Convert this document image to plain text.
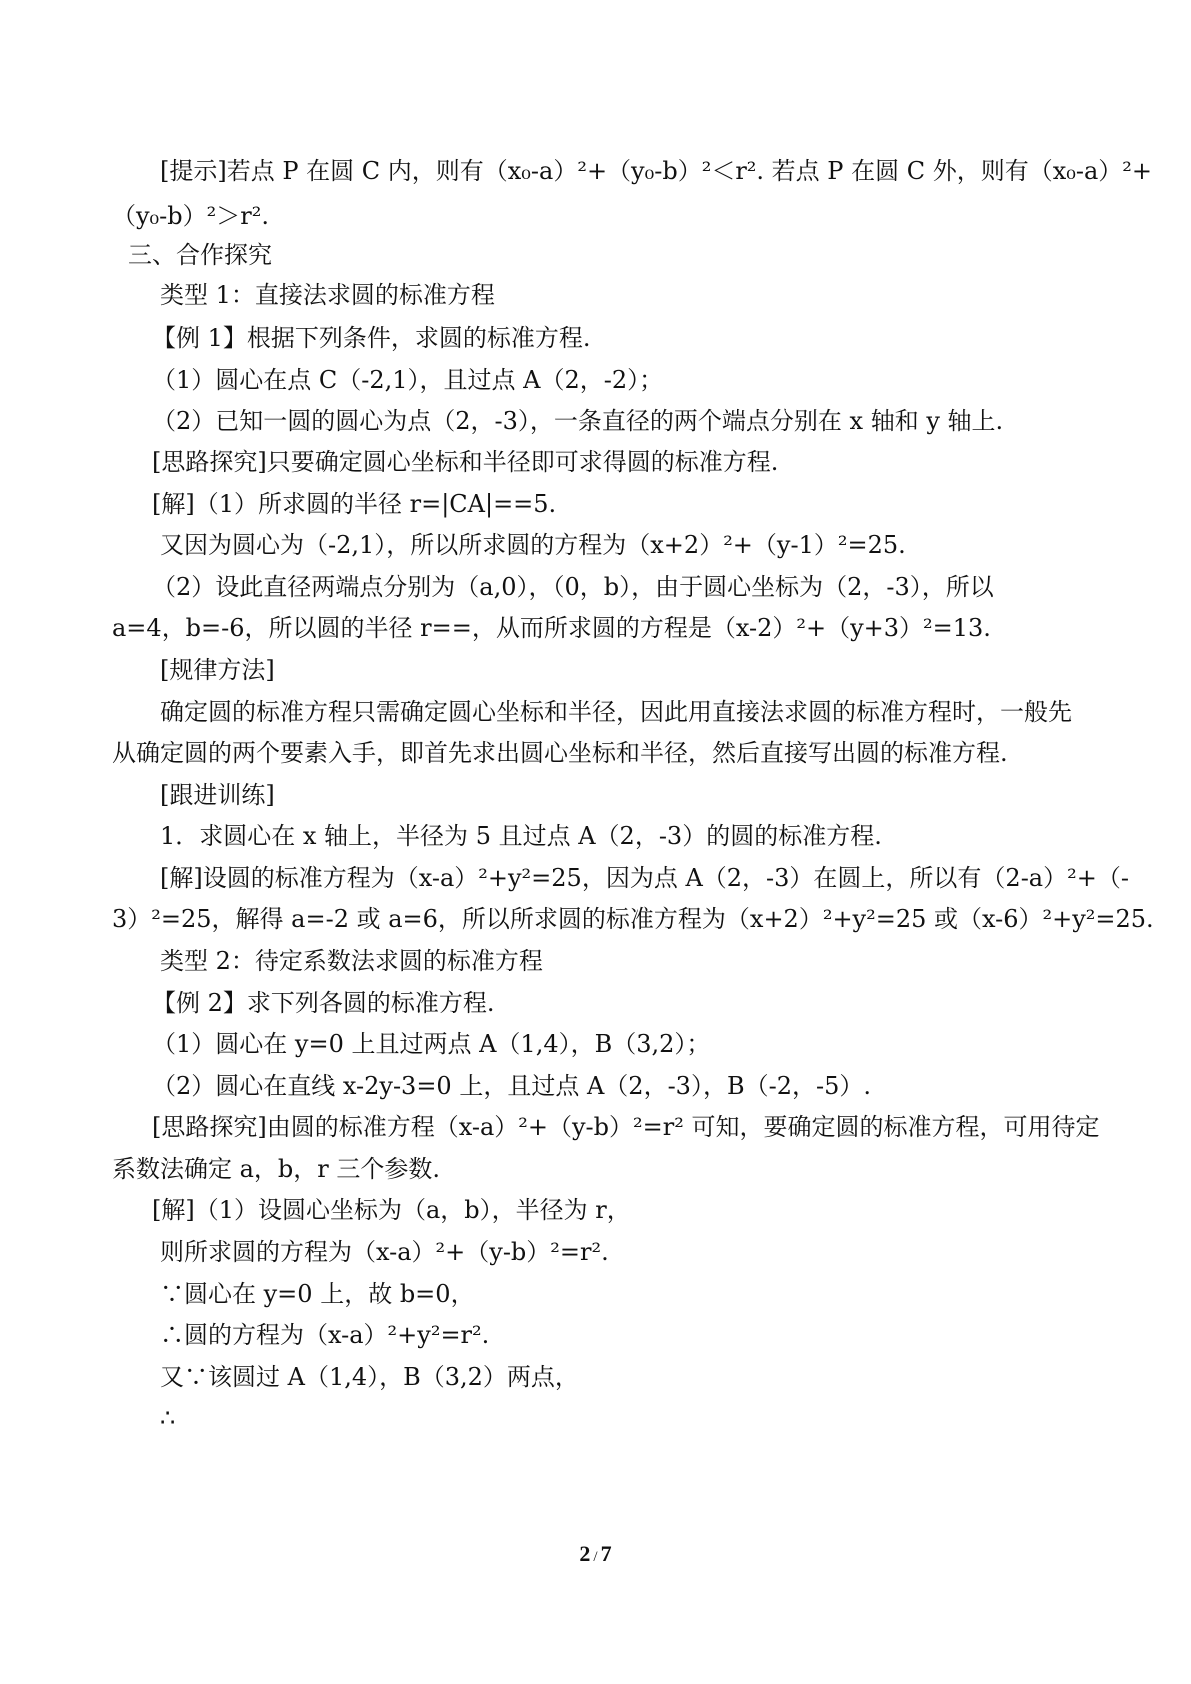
[提示]若点 P 在圆 C 内，则有（x₀-a）²+（y₀-b）²＜r². 若点 P 在圆 C 外，则有（x₀-a）²+
（y₀-b）²＞r².
三、合作探究
类型 1：直接法求圆的标准方程
【例 1】根据下列条件，求圆的标准方程.
（1）圆心在点 C（-2,1），且过点 A（2，-2）；
（2）已知一圆的圆心为点（2，-3），一条直径的两个端点分别在 x 轴和 y 轴上.
[思路探究]只要确定圆心坐标和半径即可求得圆的标准方程.
[解]（1）所求圆的半径 r=|CA|==5.
又因为圆心为（-2,1），所以所求圆的方程为（x+2）²+（y-1）²=25.
（2）设此直径两端点分别为（a,0），（0，b），由于圆心坐标为（2，-3），所以
a=4，b=-6，所以圆的半径 r==，从而所求圆的方程是（x-2）²+（y+3）²=13.
[规律方法]
确定圆的标准方程只需确定圆心坐标和半径，因此用直接法求圆的标准方程时，一般先
从确定圆的两个要素入手，即首先求出圆心坐标和半径，然后直接写出圆的标准方程.
[跟进训练]
1．求圆心在 x 轴上，半径为 5 且过点 A（2，-3）的圆的标准方程.
[解]设圆的标准方程为（x-a）²+y²=25，因为点 A（2，-3）在圆上，所以有（2-a）²+（-
3）²=25，解得 a=-2 或 a=6，所以所求圆的标准方程为（x+2）²+y²=25 或（x-6）²+y²=25.
类型 2：待定系数法求圆的标准方程
【例 2】求下列各圆的标准方程.
（1）圆心在 y=0 上且过两点 A（1,4），B（3,2）；
（2）圆心在直线 x-2y-3=0 上，且过点 A（2，-3），B（-2，-5）.
[思路探究]由圆的标准方程（x-a）²+（y-b）²=r² 可知，要确定圆的标准方程，可用待定
系数法确定 a，b，r 三个参数.
[解]（1）设圆心坐标为（a，b），半径为 r，
则所求圆的方程为（x-a）²+（y-b）²=r².
∵圆心在 y=0 上，故 b=0，
∴圆的方程为（x-a）²+y²=r².
又∵该圆过 A（1,4），B（3,2）两点，
∴
2 / 7
